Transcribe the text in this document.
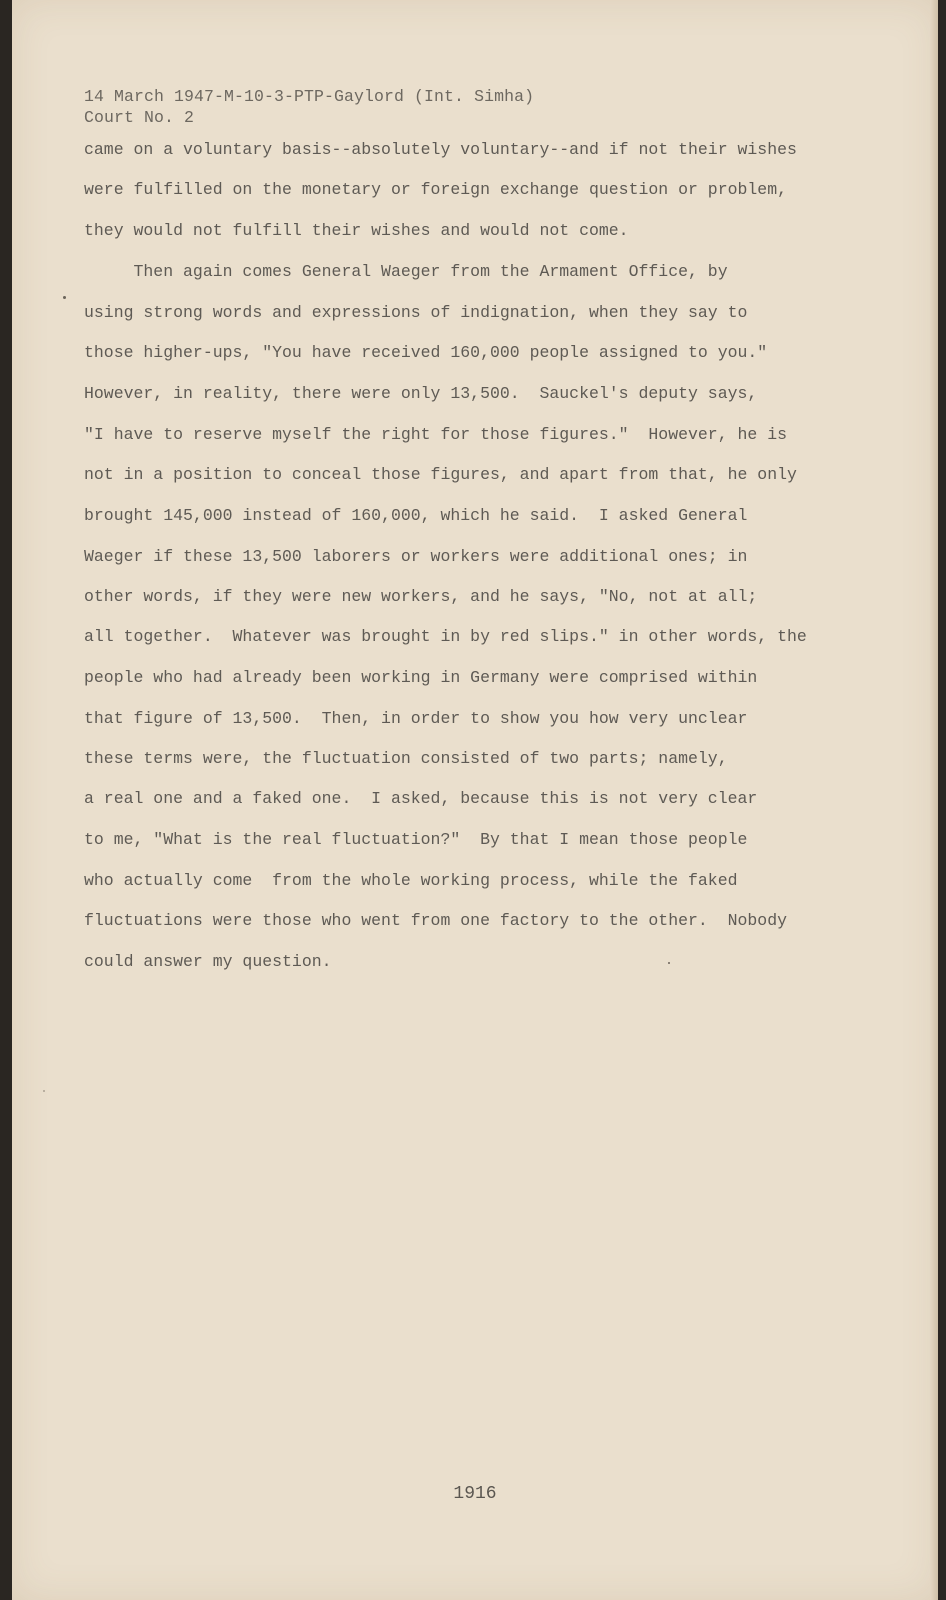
14 March 1947-M-10-3-PTP-Gaylord (Int. Simha)
Court No. 2
came on a voluntary basis--absolutely voluntary--and if not their wishes
were fulfilled on the monetary or foreign exchange question or problem,
they would not fulfill their wishes and would not come.
Then again comes General Waeger from the Armament Office, by
using strong words and expressions of indignation, when they say to
those higher-ups, "You have received 160,000 people assigned to you."
However, in reality, there were only 13,500.  Sauckel's deputy says,
"I have to reserve myself the right for those figures."  However, he is
not in a position to conceal those figures, and apart from that, he only
brought 145,000 instead of 160,000, which he said.  I asked General
Waeger if these 13,500 laborers or workers were additional ones; in
other words, if they were new workers, and he says, "No, not at all;
all together.  Whatever was brought in by red slips." in other words, the
people who had already been working in Germany were comprised within
that figure of 13,500.  Then, in order to show you how very unclear
these terms were, the fluctuation consisted of two parts; namely,
a real one and a faked one.  I asked, because this is not very clear
to me, "What is the real fluctuation?"  By that I mean those people
who actually come  from the whole working process, while the faked
fluctuations were those who went from one factory to the other.  Nobody
could answer my question.
1916
